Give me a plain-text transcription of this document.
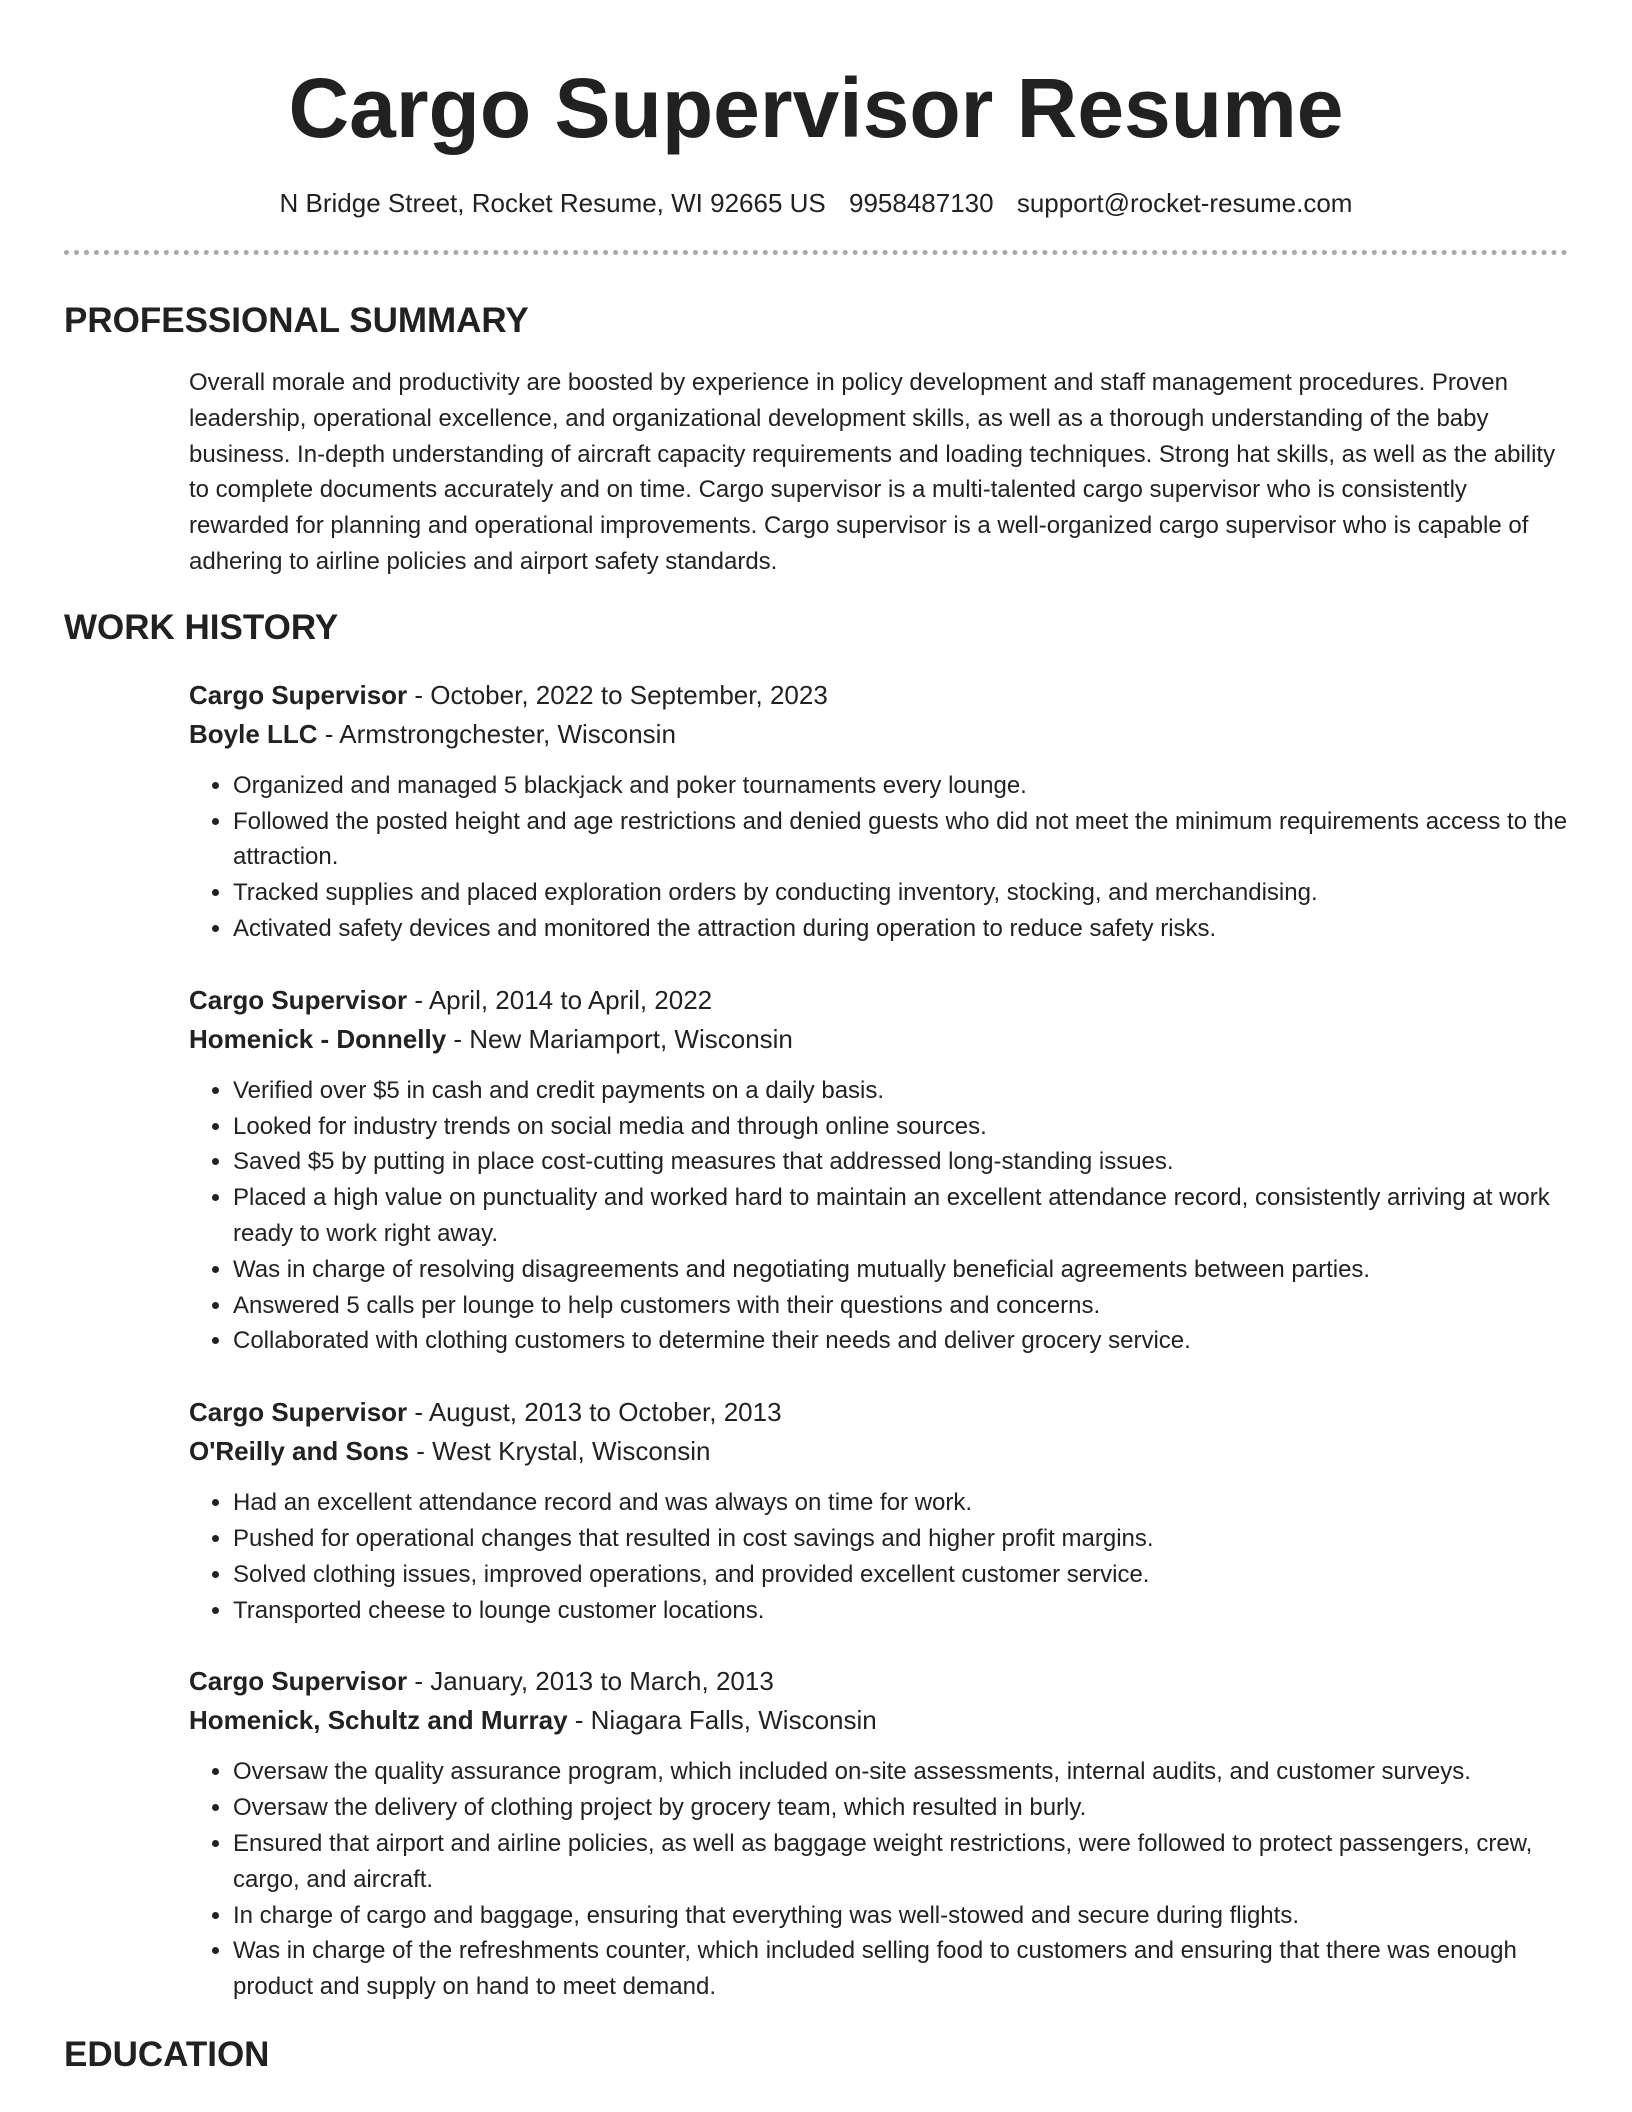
Cargo Supervisor Resume
N Bridge Street, Rocket Resume, WI 92665 US 9958487130 support@rocket-resume.com
PROFESSIONAL SUMMARY
Overall morale and productivity are boosted by experience in policy development and staff management procedures. Proven leadership, operational excellence, and organizational development skills, as well as a thorough understanding of the baby business. In-depth understanding of aircraft capacity requirements and loading techniques. Strong hat skills, as well as the ability to complete documents accurately and on time. Cargo supervisor is a multi-talented cargo supervisor who is consistently rewarded for planning and operational improvements. Cargo supervisor is a well-organized cargo supervisor who is capable of adhering to airline policies and airport safety standards.
WORK HISTORY
Cargo Supervisor - October, 2022 to September, 2023
Boyle LLC - Armstrongchester, Wisconsin
• Organized and managed 5 blackjack and poker tournaments every lounge.
• Followed the posted height and age restrictions and denied guests who did not meet the minimum requirements access to the attraction.
• Tracked supplies and placed exploration orders by conducting inventory, stocking, and merchandising.
• Activated safety devices and monitored the attraction during operation to reduce safety risks.
Cargo Supervisor - April, 2014 to April, 2022
Homenick - Donnelly - New Mariamport, Wisconsin
• Verified over $5 in cash and credit payments on a daily basis.
• Looked for industry trends on social media and through online sources.
• Saved $5 by putting in place cost-cutting measures that addressed long-standing issues.
• Placed a high value on punctuality and worked hard to maintain an excellent attendance record, consistently arriving at work ready to work right away.
• Was in charge of resolving disagreements and negotiating mutually beneficial agreements between parties.
• Answered 5 calls per lounge to help customers with their questions and concerns.
• Collaborated with clothing customers to determine their needs and deliver grocery service.
Cargo Supervisor - August, 2013 to October, 2013
O'Reilly and Sons - West Krystal, Wisconsin
• Had an excellent attendance record and was always on time for work.
• Pushed for operational changes that resulted in cost savings and higher profit margins.
• Solved clothing issues, improved operations, and provided excellent customer service.
• Transported cheese to lounge customer locations.
Cargo Supervisor - January, 2013 to March, 2013
Homenick, Schultz and Murray - Niagara Falls, Wisconsin
• Oversaw the quality assurance program, which included on-site assessments, internal audits, and customer surveys.
• Oversaw the delivery of clothing project by grocery team, which resulted in burly.
• Ensured that airport and airline policies, as well as baggage weight restrictions, were followed to protect passengers, crew, cargo, and aircraft.
• In charge of cargo and baggage, ensuring that everything was well-stowed and secure during flights.
• Was in charge of the refreshments counter, which included selling food to customers and ensuring that there was enough product and supply on hand to meet demand.
EDUCATION
